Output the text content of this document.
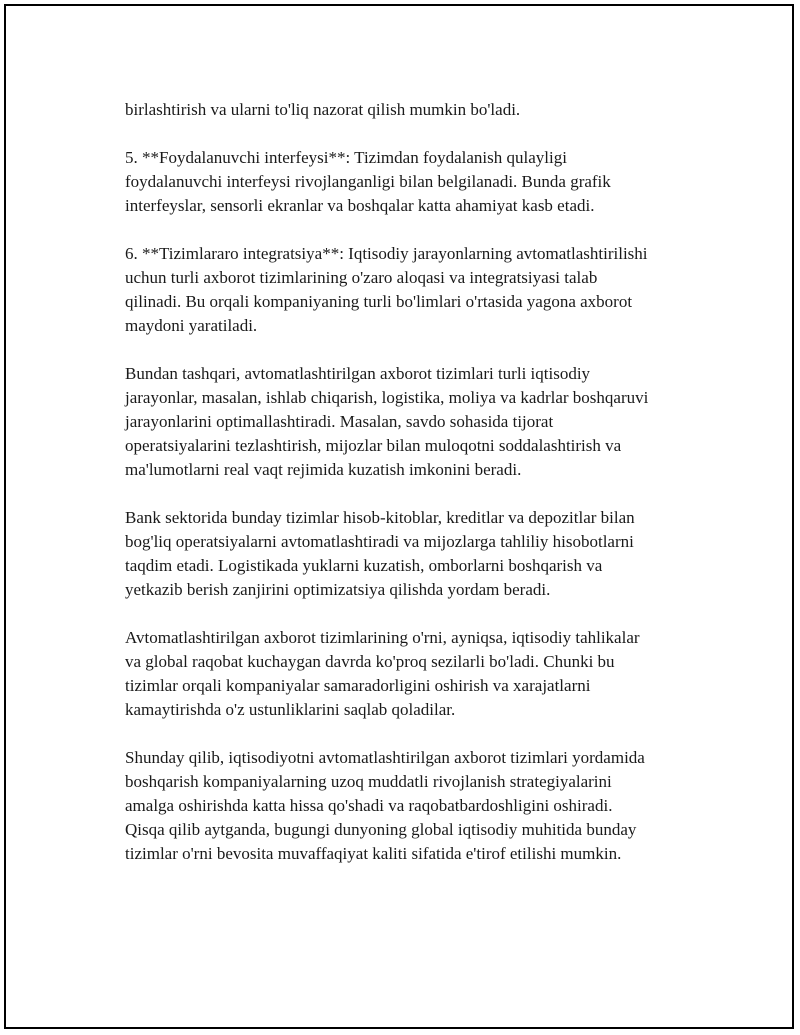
birlashtirish va ularni to'liq nazorat qilish mumkin bo'ladi.

5. **Foydalanuvchi interfeysi**: Tizimdan foydalanish qulayligi
foydalanuvchi interfeysi rivojlanganligi bilan belgilanadi. Bunda grafik
interfeyslar, sensorli ekranlar va boshqalar katta ahamiyat kasb etadi.

6. **Tizimlararo integratsiya**: Iqtisodiy jarayonlarning avtomatlashtirilishi
uchun turli axborot tizimlarining o'zaro aloqasi va integratsiyasi talab
qilinadi. Bu orqali kompaniyaning turli bo'limlari o'rtasida yagona axborot
maydoni yaratiladi.

Bundan tashqari, avtomatlashtirilgan axborot tizimlari turli iqtisodiy
jarayonlar, masalan, ishlab chiqarish, logistika, moliya va kadrlar boshqaruvi
jarayonlarini optimallashtiradi. Masalan, savdo sohasida tijorat
operatsiyalarini tezlashtirish, mijozlar bilan muloqotni soddalashtirish va
ma'lumotlarni real vaqt rejimida kuzatish imkonini beradi.

Bank sektorida bunday tizimlar hisob-kitoblar, kreditlar va depozitlar bilan
bog'liq operatsiyalarni avtomatlashtiradi va mijozlarga tahliliy hisobotlarni
taqdim etadi. Logistikada yuklarni kuzatish, omborlarni boshqarish va
yetkazib berish zanjirini optimizatsiya qilishda yordam beradi.

Avtomatlashtirilgan axborot tizimlarining o'rni, ayniqsa, iqtisodiy tahlikalar
va global raqobat kuchaygan davrda ko'proq sezilarli bo'ladi. Chunki bu
tizimlar orqali kompaniyalar samaradorligini oshirish va xarajatlarni
kamaytirishda o'z ustunliklarini saqlab qoladilar.

Shunday qilib, iqtisodiyotni avtomatlashtirilgan axborot tizimlari yordamida
boshqarish kompaniyalarning uzoq muddatli rivojlanish strategiyalarini
amalga oshirishda katta hissa qo'shadi va raqobatbardoshligini oshiradi.
Qisqa qilib aytganda, bugungi dunyoning global iqtisodiy muhitida bunday
tizimlar o'rni bevosita muvaffaqiyat kaliti sifatida e'tirof etilishi mumkin.
